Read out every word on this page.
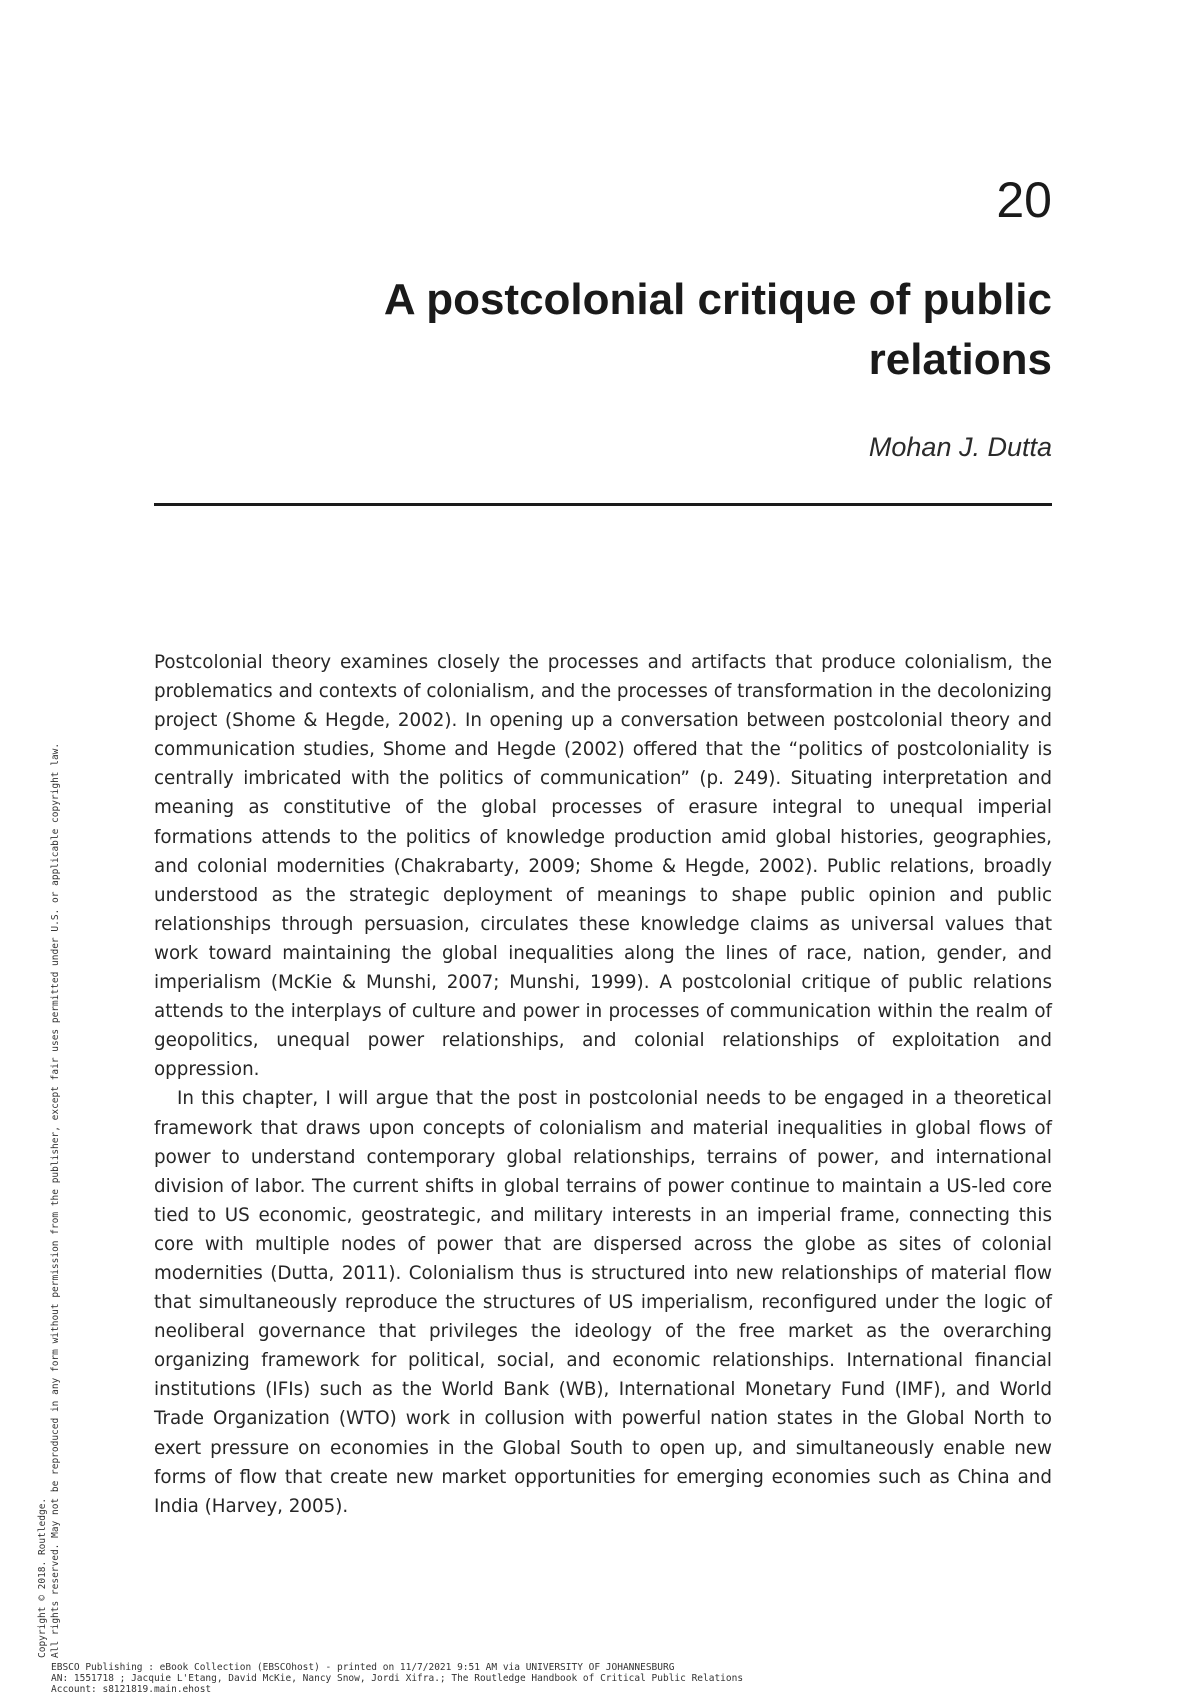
20
A postcolonial critique of public relations
Mohan J. Dutta

Postcolonial theory examines closely the processes and artifacts that produce colonialism, the problematics and contexts of colonialism, and the processes of transformation in the decolonizing project (Shome & Hegde, 2002). In opening up a conversation between postcolonial theory and communication studies, Shome and Hegde (2002) offered that the “politics of postcoloniality is centrally imbricated with the politics of communication” (p. 249). Situating interpretation and meaning as constitutive of the global processes of erasure integral to unequal imperial formations attends to the politics of knowledge production amid global histories, geographies, and colonial modernities (Chakrabarty, 2009; Shome & Hegde, 2002). Public relations, broadly understood as the strategic deployment of meanings to shape public opinion and public relationships through persuasion, circulates these knowledge claims as universal values that work toward maintaining the global inequalities along the lines of race, nation, gender, and imperialism (McKie & Munshi, 2007; Munshi, 1999). A postcolonial critique of public relations attends to the interplays of culture and power in processes of communication within the realm of geopolitics, unequal power relationships, and colonial relationships of exploitation and oppression.

In this chapter, I will argue that the post in postcolonial needs to be engaged in a theoretical framework that draws upon concepts of colonialism and material inequalities in global flows of power to understand contemporary global relationships, terrains of power, and international division of labor. The current shifts in global terrains of power continue to maintain a US-led core tied to US economic, geostrategic, and military interests in an imperial frame, connecting this core with multiple nodes of power that are dispersed across the globe as sites of colonial modernities (Dutta, 2011). Colonialism thus is structured into new relationships of material flow that simultaneously reproduce the structures of US imperialism, reconfigured under the logic of neoliberal governance that privileges the ideology of the free market as the overarching organizing framework for political, social, and economic relationships. International financial institutions (IFIs) such as the World Bank (WB), International Monetary Fund (IMF), and World Trade Organization (WTO) work in collusion with powerful nation states in the Global North to exert pressure on economies in the Global South to open up, and simultaneously enable new forms of flow that create new market opportunities for emerging economies such as China and India (Harvey, 2005).

Copyright © 2018. Routledge. All rights reserved. May not be reproduced in any form without permission from the publisher, except fair uses permitted under U.S. or applicable copyright law.
EBSCO Publishing : eBook Collection (EBSCOhost) - printed on 11/7/2021 9:51 AM via UNIVERSITY OF JOHANNESBURG
AN: 1551718 ; Jacquie L'Etang, David McKie, Nancy Snow, Jordi Xifra.; The Routledge Handbook of Critical Public Relations
Account: s8121819.main.ehost
